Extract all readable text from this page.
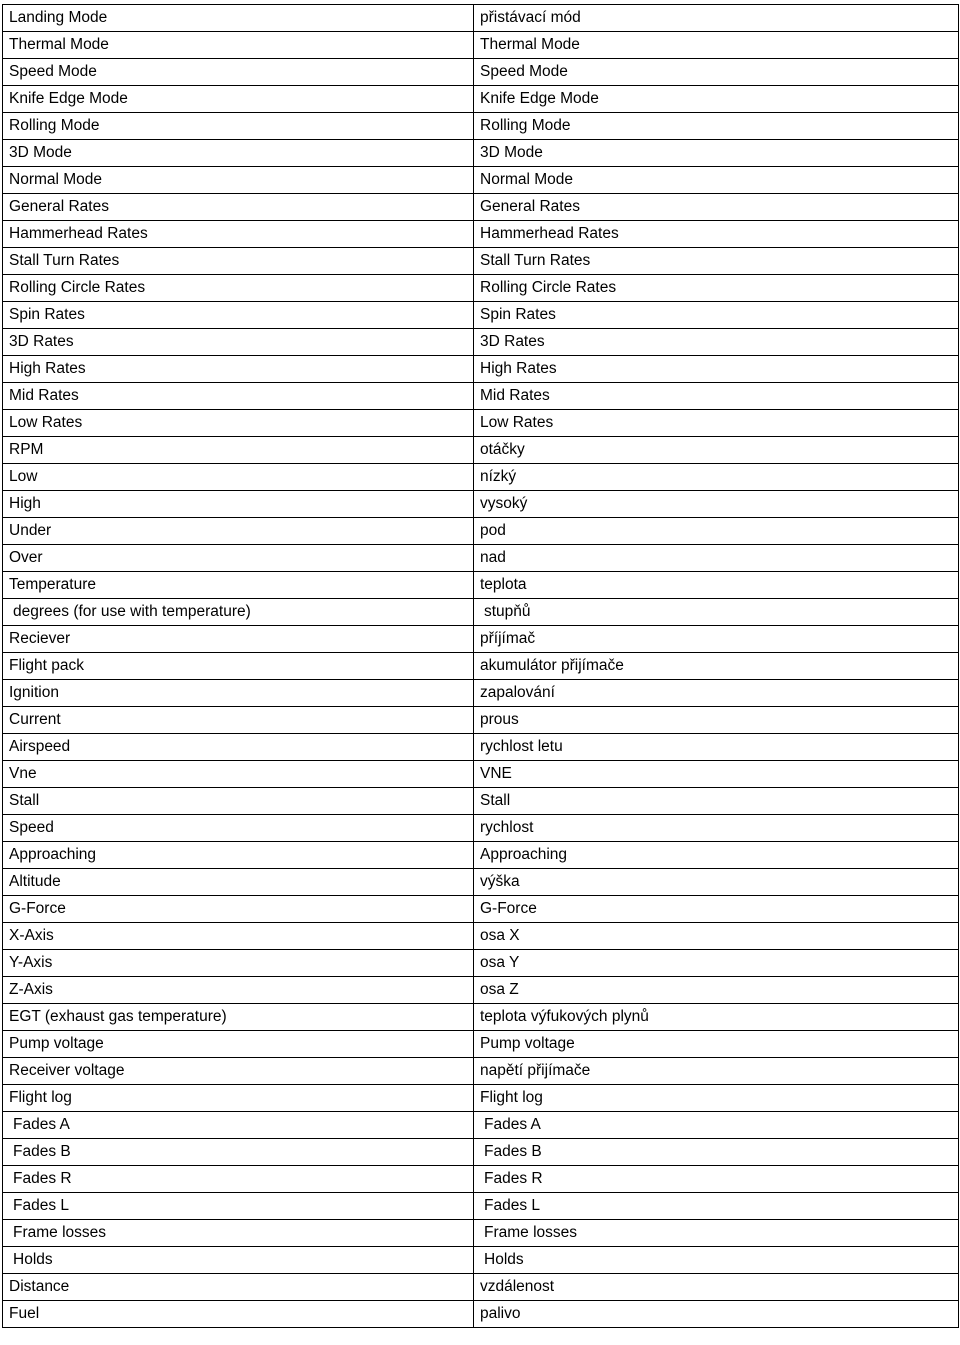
Landing Mode	přistávací mód
Thermal Mode	Thermal Mode
Speed Mode	Speed Mode
Knife Edge Mode	Knife Edge Mode
Rolling Mode	Rolling Mode
3D Mode	3D Mode
Normal Mode	Normal Mode
General Rates	General Rates
Hammerhead Rates	Hammerhead Rates
Stall Turn Rates	Stall Turn Rates
Rolling Circle Rates	Rolling Circle Rates
Spin Rates	Spin Rates
3D Rates	3D Rates
High Rates	High Rates
Mid Rates	Mid Rates
Low Rates	Low Rates
RPM	otáčky
Low	nízký
High	vysoký
Under	pod
Over	nad
Temperature	teplota
degrees (for use with temperature)	stupňů
Reciever	příjímač
Flight pack	akumulátor přijímače
Ignition	zapalování
Current	prous
Airspeed	rychlost letu
Vne	VNE
Stall	Stall
Speed	rychlost
Approaching	Approaching
Altitude	výška
G-Force	G-Force
X-Axis	osa X
Y-Axis	osa Y
Z-Axis	osa Z
EGT (exhaust gas temperature)	teplota výfukových plynů
Pump voltage	Pump voltage
Receiver voltage	napětí přijímače
Flight log	Flight log
Fades A	Fades A
Fades B	Fades B
Fades R	Fades R
Fades L	Fades L
Frame losses	Frame losses
Holds	Holds
Distance	vzdálenost
Fuel	palivo
